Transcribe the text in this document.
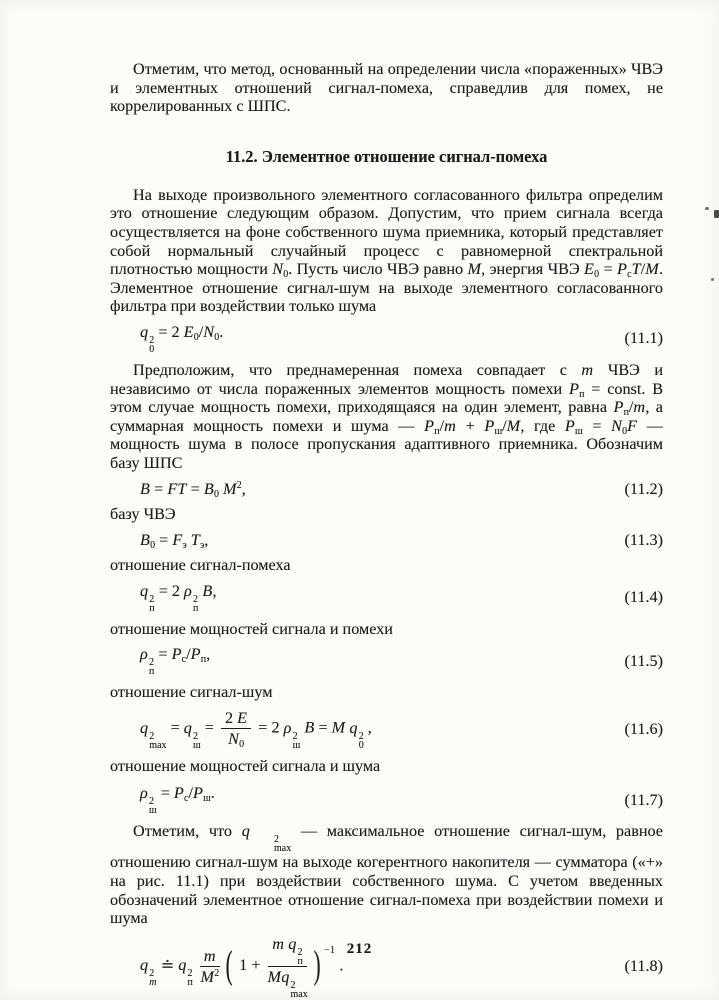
Отметим, что метод, основанный на определении числа «пораженных» ЧВЭ и элементных отношений сигнал-помеха, справедлив для помех, не коррелированных с ШПС.

11.2. Элементное отношение сигнал-помеха

На выходе произвольного элементного согласованного фильтра определим это отношение следующим образом. Допустим, что прием сигнала всегда осуществляется на фоне собственного шума приемника, который представляет собой нормальный случайный процесс с равномерной спектральной плотностью мощности $N_0$. Пусть число ЧВЭ равно M, энергия ЧВЭ $E_0 = P_сT/M$. Элементное отношение сигнал-шум на выходе элементного согласованного фильтра при воздействии только шума

q 2
0
= 2 $E_0/N_0$.	(11.1)

Предположим, что преднамеренная помеха совпадает с m ЧВЭ и независимо от числа пораженных элементов мощность помехи $P_п$ = const. В этом случае мощность помехи, приходящаяся на один элемент, равна $P_п/m$, а суммарная мощность помехи и шума — $P_п/m + P_ш/M$, где $P_ш = N_0F$ — мощность шума в полосе пропускания адаптивного приемника. Обозначим базу ШПС

B = FT = $B_0$ $M^2$,	(11.2)

базу ЧВЭ

$B_0 = F_э$ $T_э$,	(11.3)

отношение сигнал-помеха

q 2
п
= 2 ρ 2
п
B,	(11.4)

отношение мощностей сигнала и помехи

ρ 2
п
= $P_с/P_п$,	(11.5)

отношение сигнал-шум

q 2
max
= q 2
ш
= $\frac{2 E}{N_0} = 2$ ρ 2
ш
B = M q 2
0
,	(11.6)

отношение мощностей сигнала и шума

ρ 2
ш
= $P_с/P_ш$.	(11.7)

Отметим, что q	2
max
— максимальное отношение сигнал-шум, равное отношению сигнал-шум на выходе когерентного накопителя — сумматора («+» на рис. 11.1) при воздействии собственного шума. С учетом введенных обозначений элементное отношение сигнал-помеха при воздействии помехи и шума

q 2
m
≐ q 2
п
$\frac{m}{M^2}$ ( 1 + m q 2
п
Mq 2
max ) $^{-1}$ .	(11.8)
212
